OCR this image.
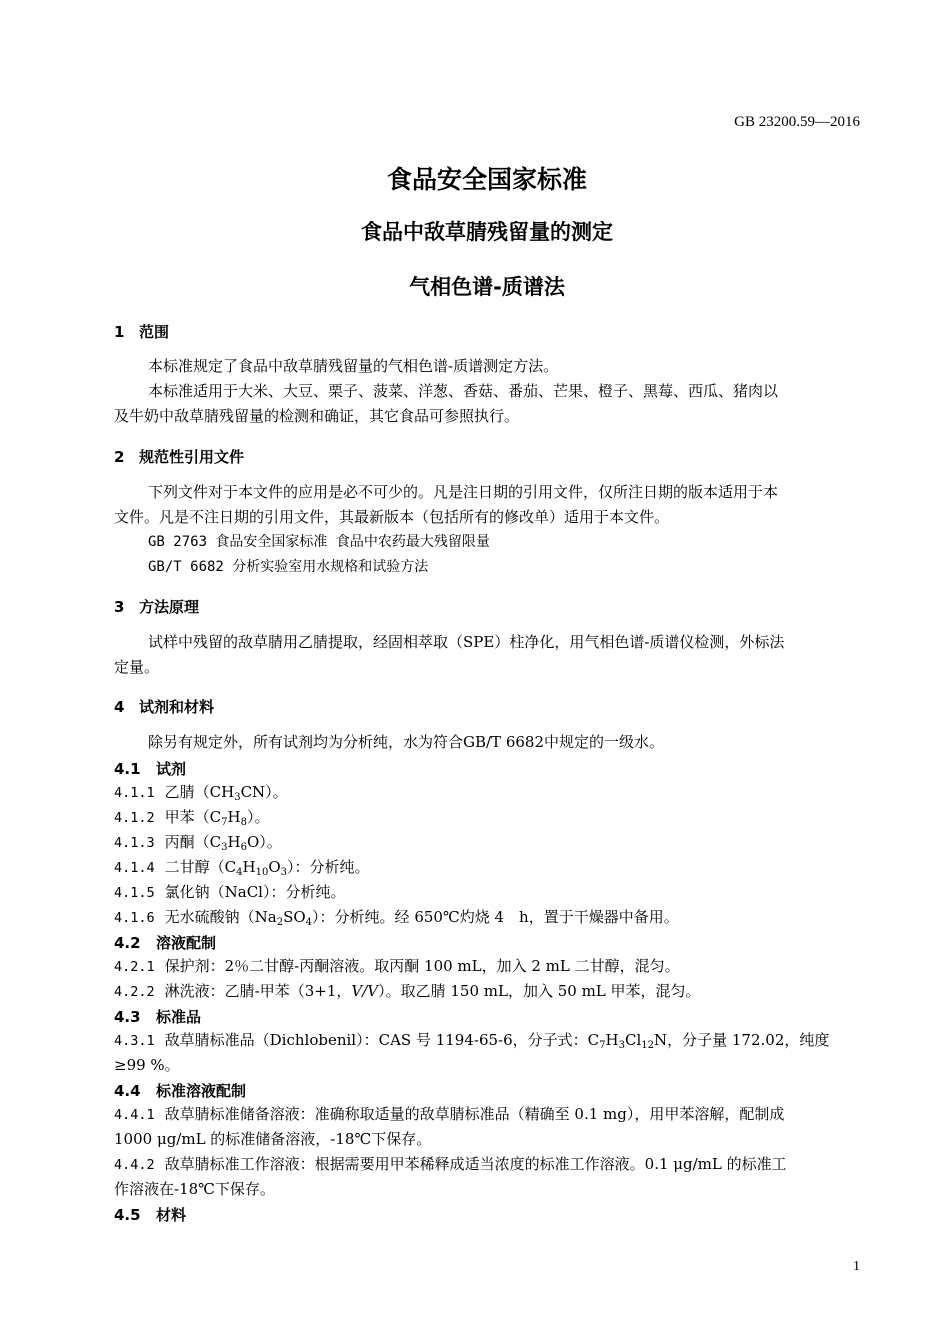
GB 23200.59—2016
食品安全国家标准
食品中敌草腈残留量的测定
气相色谱-质谱法
1 范围
本标准规定了食品中敌草腈残留量的气相色谱-质谱测定方法。
本标准适用于大米、大豆、栗子、菠菜、洋葱、香菇、番茄、芒果、橙子、黑莓、西瓜、猪肉以
及牛奶中敌草腈残留量的检测和确证，其它食品可参照执行。
2 规范性引用文件
下列文件对于本文件的应用是必不可少的。凡是注日期的引用文件，仅所注日期的版本适用于本
文件。凡是不注日期的引用文件，其最新版本（包括所有的修改单）适用于本文件。
GB 2763 食品安全国家标准 食品中农药最大残留限量
GB/T 6682 分析实验室用水规格和试验方法
3 方法原理
试样中残留的敌草腈用乙腈提取，经固相萃取（SPE）柱净化，用气相色谱-质谱仪检测，外标法
定量。
4 试剂和材料
除另有规定外，所有试剂均为分析纯，水为符合GB/T 6682中规定的一级水。
4.1 试剂
4.1.1 乙腈$(CH_3CN)$。
4.1.2 甲苯$(C_7H_8)$。
4.1.3 丙酮$(C_3H_6O)$。
4.1.4 二甘醇$(C_4H_{10}O_3)$：分析纯。
4.1.5 氯化钠（NaCl）：分析纯。
4.1.6 无水硫酸钠$(Na_2SO_4)$：分析纯。经 650℃灼烧 4　h，置于干燥器中备用。
4.2 溶液配制
4.2.1 保护剂：2％二甘醇-丙酮溶液。取丙酮 100 mL，加入 2 mL 二甘醇，混匀。
4.2.2 淋洗液：乙腈-甲苯（3+1，V/V）。取乙腈 150 mL，加入 50 mL 甲苯，混匀。
4.3 标准品
4.3.1 敌草腈标准品（Dichlobenil）：CAS 号 1194-65-6，分子式：$C_7H_3Cl_{12}N$，分子量 172.02，纯度
≥99 %。
4.4 标准溶液配制
4.4.1 敌草腈标准储备溶液：准确称取适量的敌草腈标准品（精确至 0.1 mg），用甲苯溶解，配制成
1000 μg/mL 的标准储备溶液，-18℃下保存。
4.4.2 敌草腈标准工作溶液：根据需要用甲苯稀释成适当浓度的标准工作溶液。0.1 μg/mL 的标准工
作溶液在-18℃下保存。
4.5 材料
1
